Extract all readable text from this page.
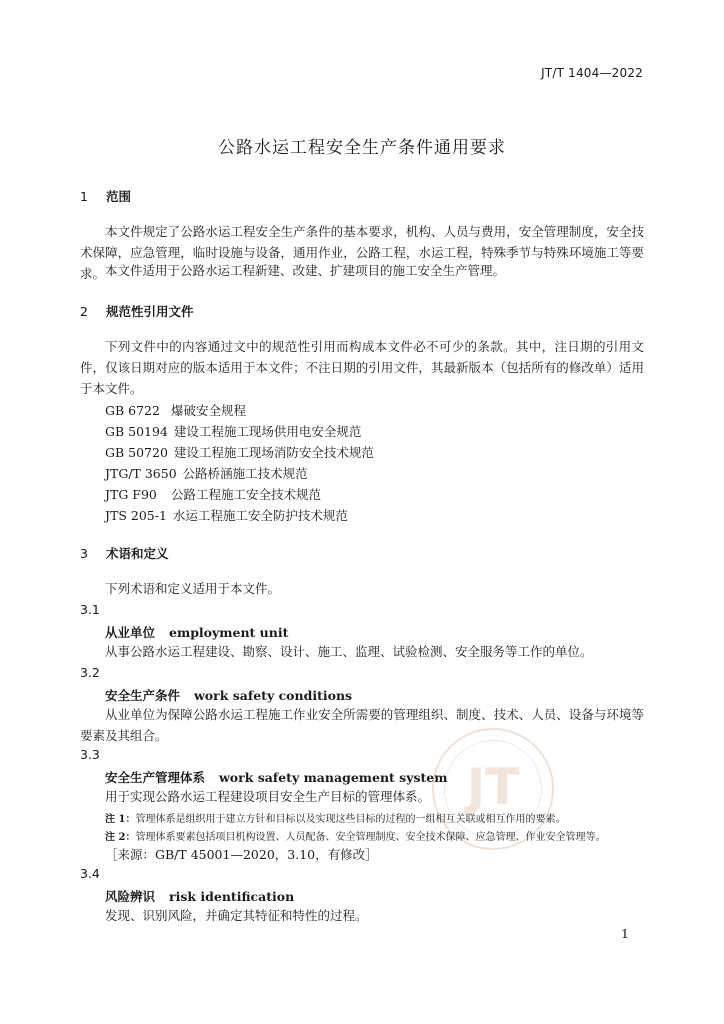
JT
JT/T 1404—2022
公路水运工程安全生产条件通用要求
1 范围
本文件规定了公路水运工程安全生产条件的基本要求，机构、人员与费用，安全管理制度，安全技术保障，应急管理，临时设施与设备，通用作业，公路工程，水运工程，特殊季节与特殊环境施工等要求。 本文件适用于公路水运工程新建、改建、扩建项目的施工安全生产管理。
2 规范性引用文件
下列文件中的内容通过文中的规范性引用而构成本文件必不可少的条款。其中，注日期的引用文件，仅该日期对应的版本适用于本文件；不注日期的引用文件，其最新版本（包括所有的修改单）适用于本文件。
GB 6722 爆破安全规程
GB 50194 建设工程施工现场供用电安全规范
GB 50720 建设工程施工现场消防安全技术规范
JTG/T 3650 公路桥涵施工技术规范
JTG F90 公路工程施工安全技术规范
JTS 205-1 水运工程施工安全防护技术规范
3 术语和定义
下列术语和定义适用于本文件。
3.1
从业单位 employment unit
从事公路水运工程建设、勘察、设计、施工、监理、试验检测、安全服务等工作的单位。
3.2
安全生产条件 work safety conditions
从业单位为保障公路水运工程施工作业安全所需要的管理组织、制度、技术、人员、设备与环境等要素及其组合。
3.3
安全生产管理体系 work safety management system
用于实现公路水运工程建设项目安全生产目标的管理体系。
注 1：管理体系是组织用于建立方针和目标以及实现这些目标的过程的一组相互关联或相互作用的要素。
注 2：管理体系要素包括项目机构设置、人员配备、安全管理制度、安全技术保障、应急管理、作业安全管理等。
［来源：GB/T 45001—2020，3.10，有修改］
3.4
风险辨识 risk identification
发现、识别风险，并确定其特征和特性的过程。
1
